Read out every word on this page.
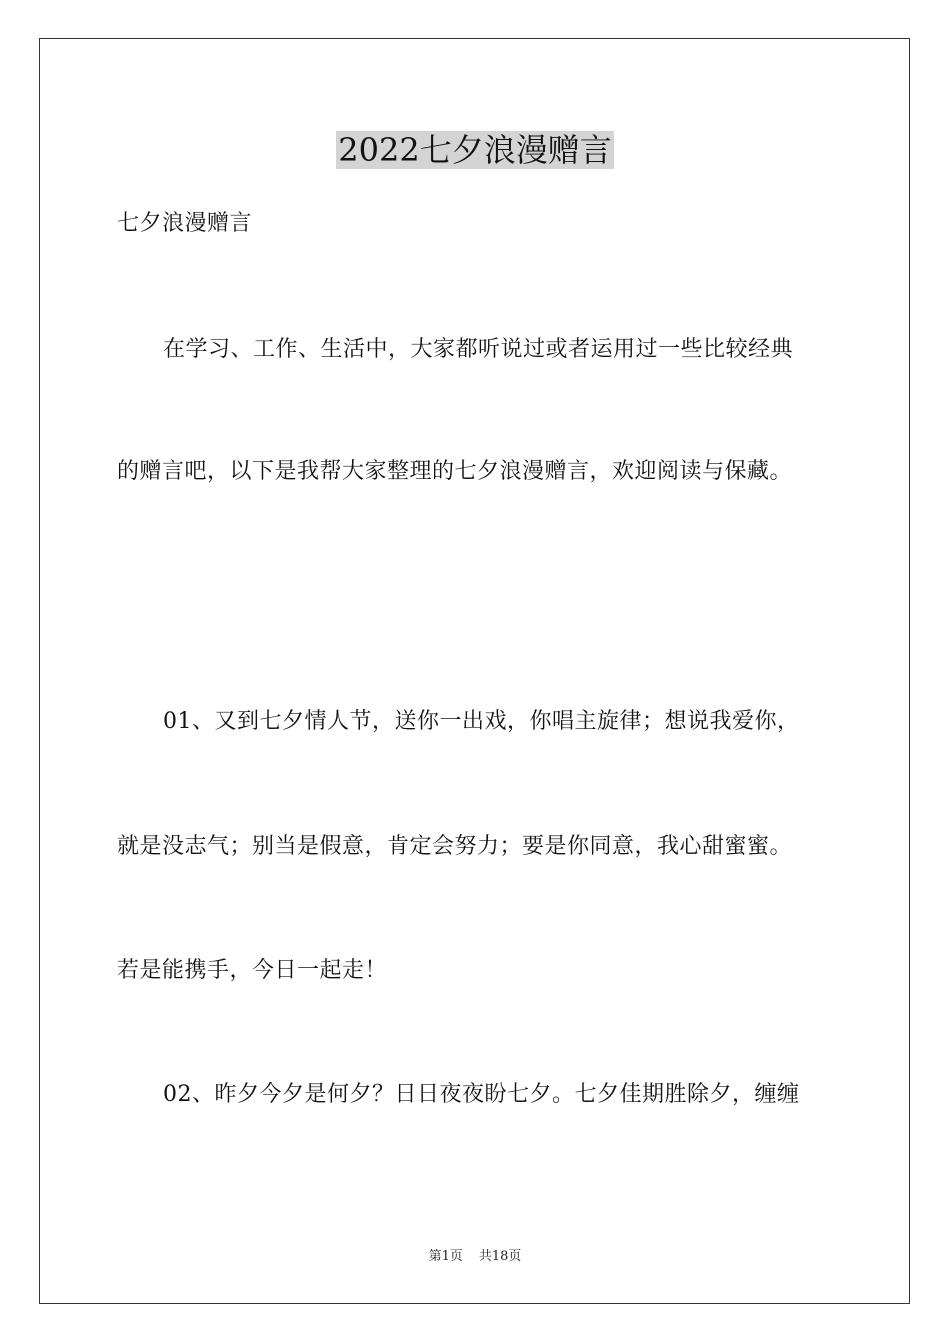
2022七夕浪漫赠言
七夕浪漫赠言
在学习、工作、生活中，大家都听说过或者运用过一些比较经典
的赠言吧，以下是我帮大家整理的七夕浪漫赠言，欢迎阅读与保藏。
01、又到七夕情人节，送你一出戏，你唱主旋律；想说我爱你，
就是没志气；别当是假意，肯定会努力；要是你同意，我心甜蜜蜜。
若是能携手，今日一起走！
02、昨夕今夕是何夕？日日夜夜盼七夕。七夕佳期胜除夕，缠缠
第1页 共18页
